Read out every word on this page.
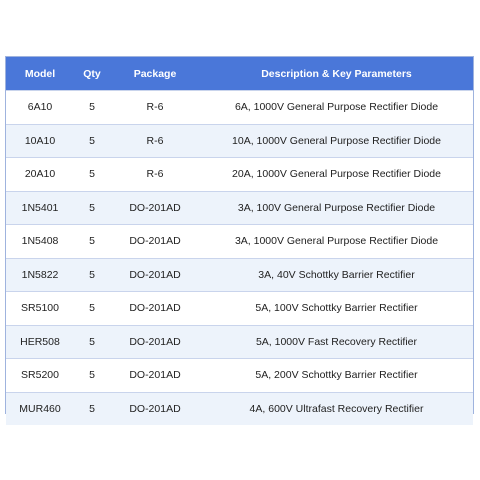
Model	Qty	Package	Description & Key Parameters
6A10	5	R-6	6A, 1000V General Purpose Rectifier Diode
10A10	5	R-6	10A, 1000V General Purpose Rectifier Diode
20A10	5	R-6	20A, 1000V General Purpose Rectifier Diode
1N5401	5	DO-201AD	3A, 100V General Purpose Rectifier Diode
1N5408	5	DO-201AD	3A, 1000V General Purpose Rectifier Diode
1N5822	5	DO-201AD	3A, 40V Schottky Barrier Rectifier
SR5100	5	DO-201AD	5A, 100V Schottky Barrier Rectifier
HER508	5	DO-201AD	5A, 1000V Fast Recovery Rectifier
SR5200	5	DO-201AD	5A, 200V Schottky Barrier Rectifier
MUR460	5	DO-201AD	4A, 600V Ultrafast Recovery Rectifier
